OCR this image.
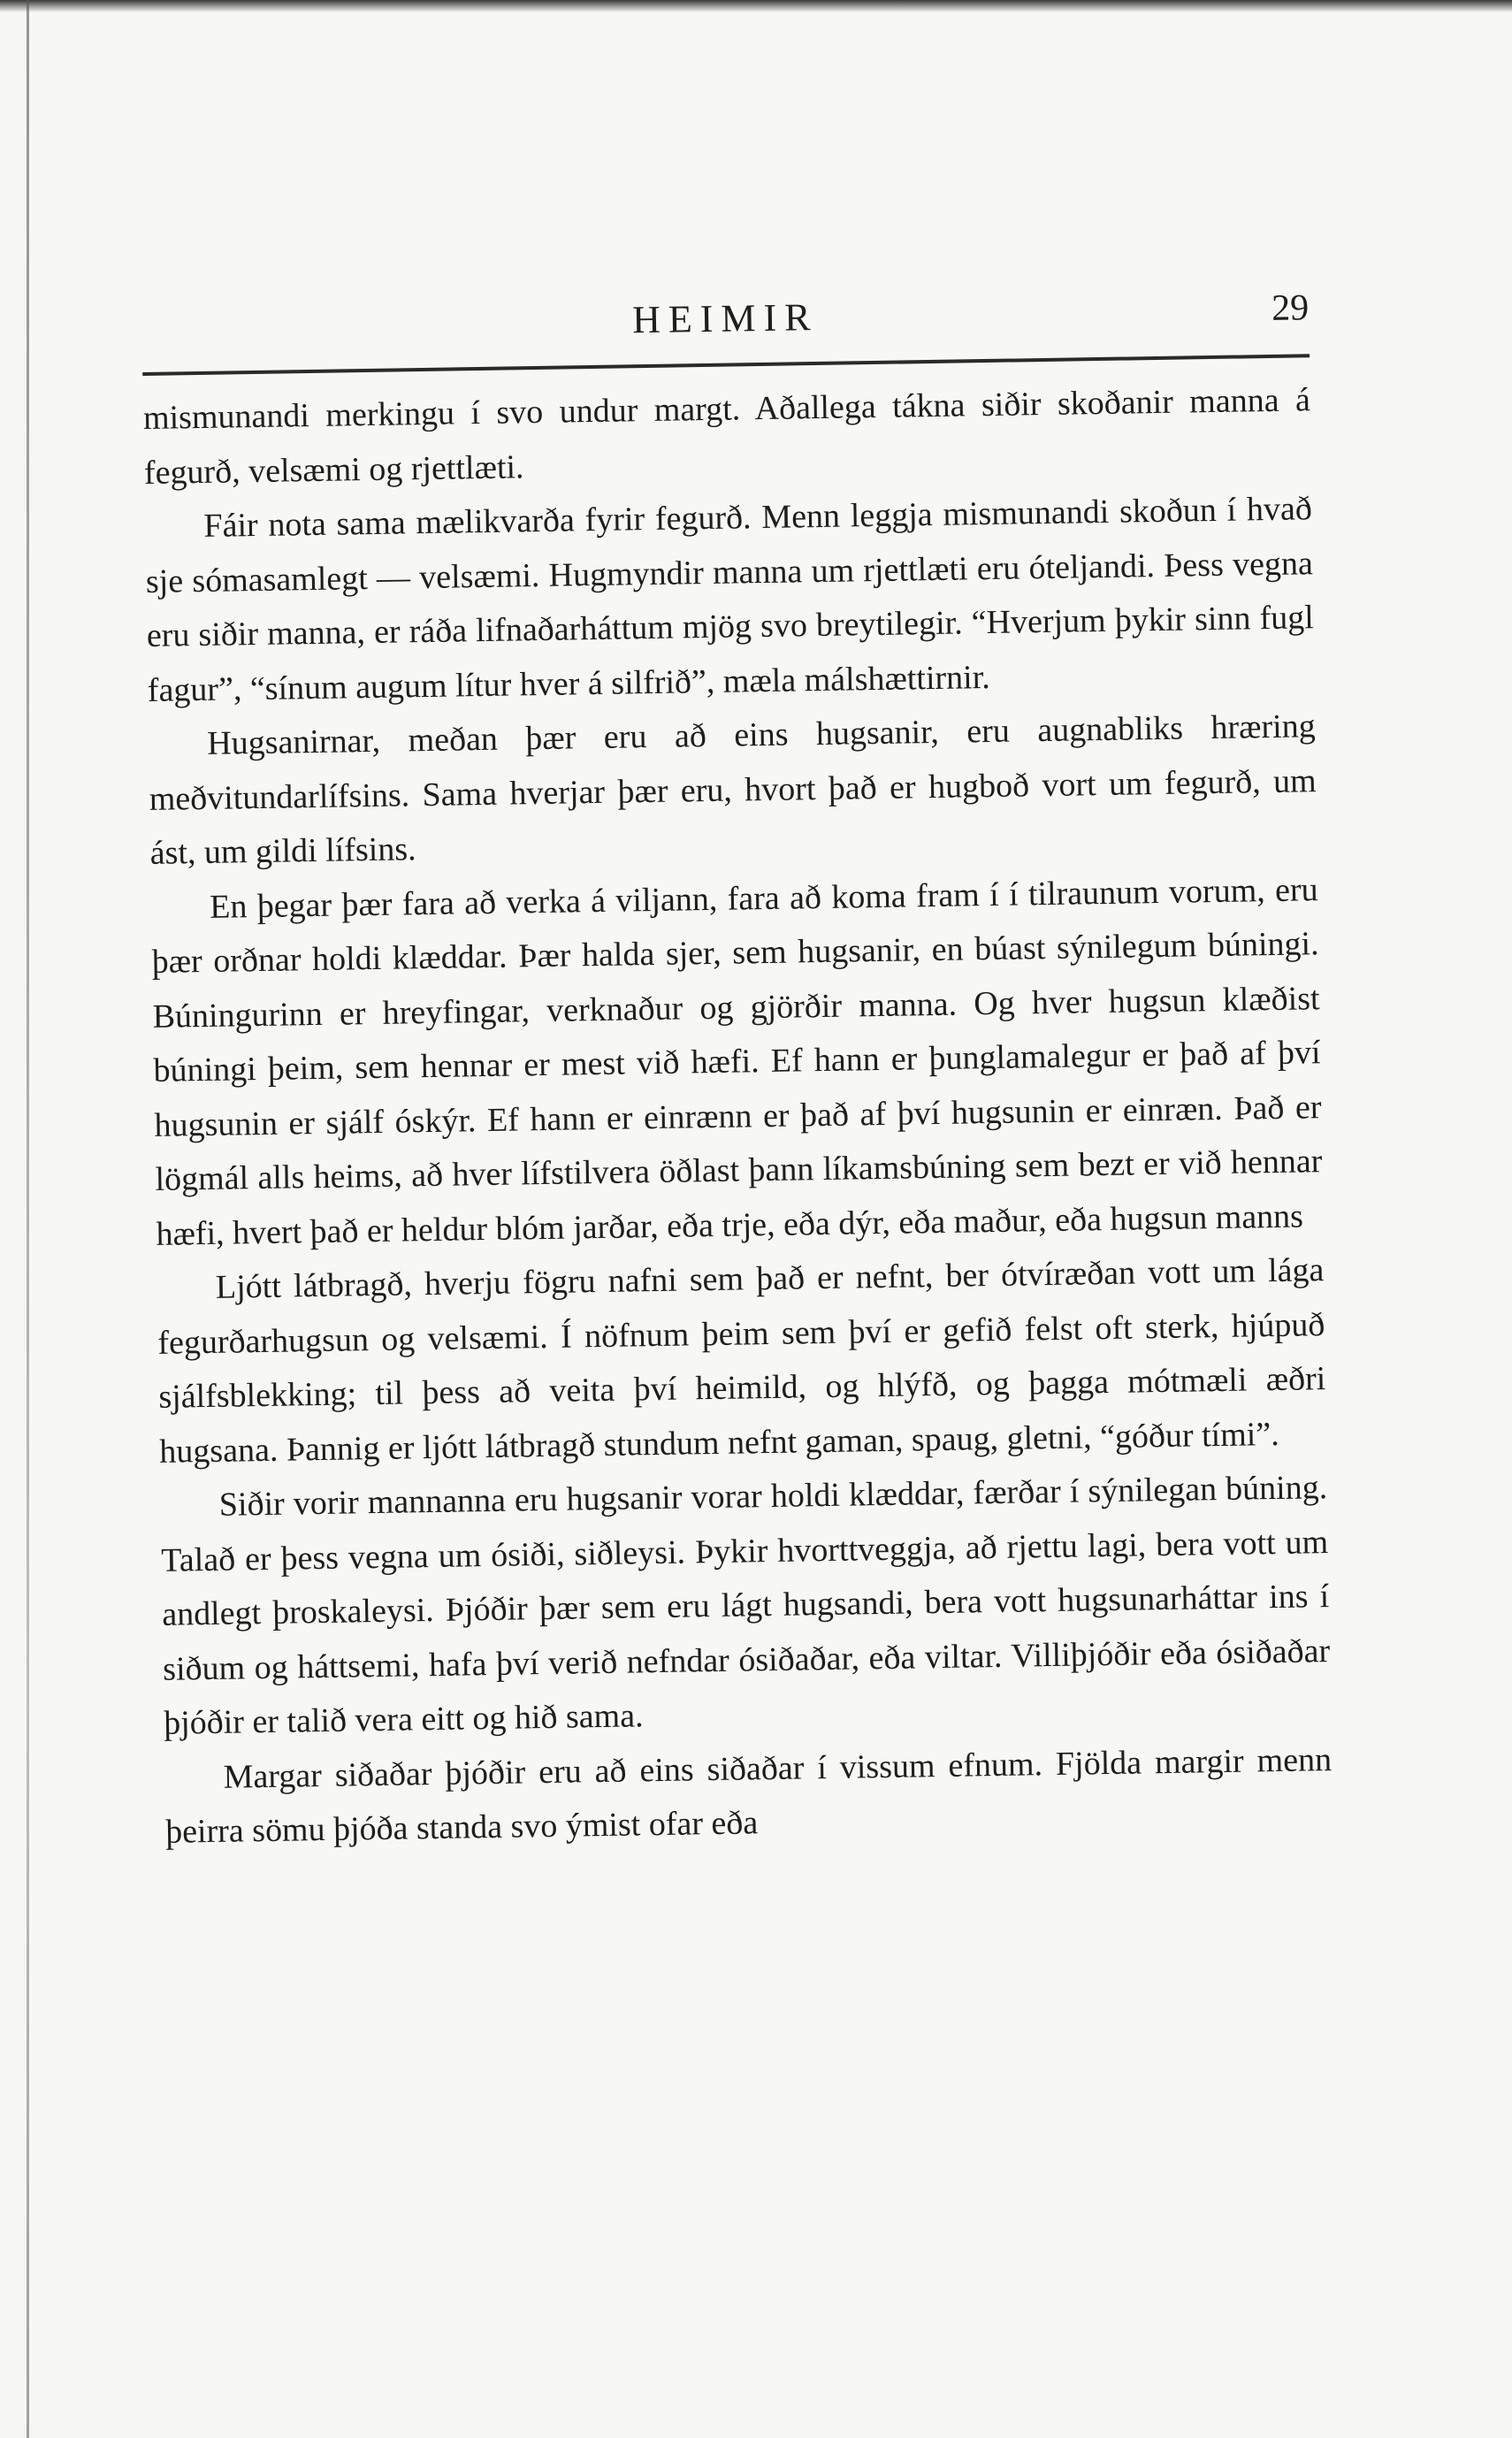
HEIMIR	29

mismunandi merkingu í svo undur margt. Aðallega tákna siðir skoðanir manna á fegurð, velsæmi og rjettlæti.

Fáir nota sama mælikvarða fyrir fegurð. Menn leggja mismunandi skoðun í hvað sje sómasamlegt — velsæmi. Hugmyndir manna um rjettlæti eru óteljandi. Þess vegna eru siðir manna, er ráða lifnaðarháttum mjög svo breytilegir. “Hverjum þykir sinn fugl fagur”, “sínum augum lítur hver á silfrið”, mæla málshættirnir.

Hugsanirnar, meðan þær eru að eins hugsanir, eru augnabliks hræring meðvitundarlífsins. Sama hverjar þær eru, hvort það er hugboð vort um fegurð, um ást, um gildi lífsins.

En þegar þær fara að verka á viljann, fara að koma fram í í tilraunum vorum, eru þær orðnar holdi klæddar. Þær halda sjer, sem hugsanir, en búast sýnilegum búningi. Búningurinn er hreyfingar, verknaður og gjörðir manna. Og hver hugsun klæðist búningi þeim, sem hennar er mest við hæfi. Ef hann er þunglamalegur er það af því hugsunin er sjálf óskýr. Ef hann er einrænn er það af því hugsunin er einræn. Það er lögmál alls heims, að hver lífstilvera öðlast þann líkamsbúning sem bezt er við hennar hæfi, hvert það er heldur blóm jarðar, eða trje, eða dýr, eða maður, eða hugsun manns

Ljótt látbragð, hverju fögru nafni sem það er nefnt, ber ótvíræðan vott um lága fegurðarhugsun og velsæmi. Í nöfnum þeim sem því er gefið felst oft sterk, hjúpuð sjálfsblekking; til þess að veita því heimild, og hlýfð, og þagga mótmæli æðri hugsana. Þannig er ljótt látbragð stundum nefnt gaman, spaug, gletni, “góður tími”.

Siðir vorir mannanna eru hugsanir vorar holdi klæddar, færðar í sýnilegan búning. Talað er þess vegna um ósiði, siðleysi. Þykir hvorttveggja, að rjettu lagi, bera vott um andlegt þroskaleysi. Þjóðir þær sem eru lágt hugsandi, bera vott hugsunarháttar ins í siðum og háttsemi, hafa því verið nefndar ósiðaðar, eða viltar. Villiþjóðir eða ósiðaðar þjóðir er talið vera eitt og hið sama.

Margar siðaðar þjóðir eru að eins siðaðar í vissum efnum. Fjölda margir menn þeirra sömu þjóða standa svo ýmist ofar eða
